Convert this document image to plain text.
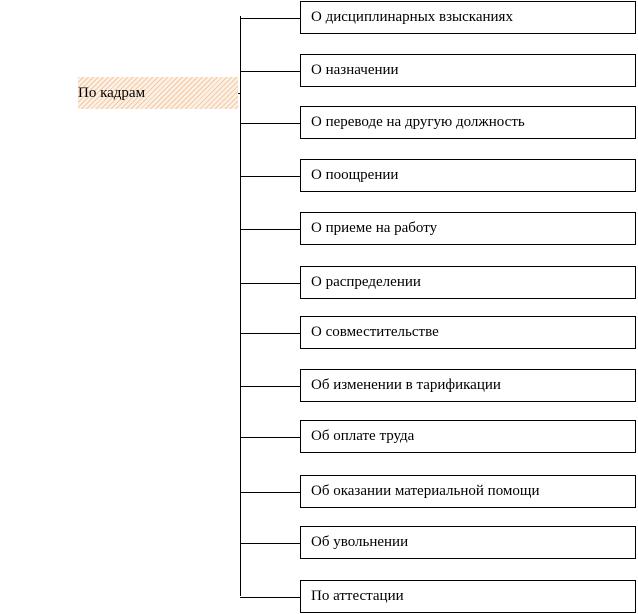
По кадрам
О дисциплинарных взысканиях
О назначении
О переводе на другую должность
О поощрении
О приеме на работу
О распределении
О совместительстве
Об изменении в тарификации
Об оплате труда
Об оказании материальной помощи
Об увольнении
По аттестации
